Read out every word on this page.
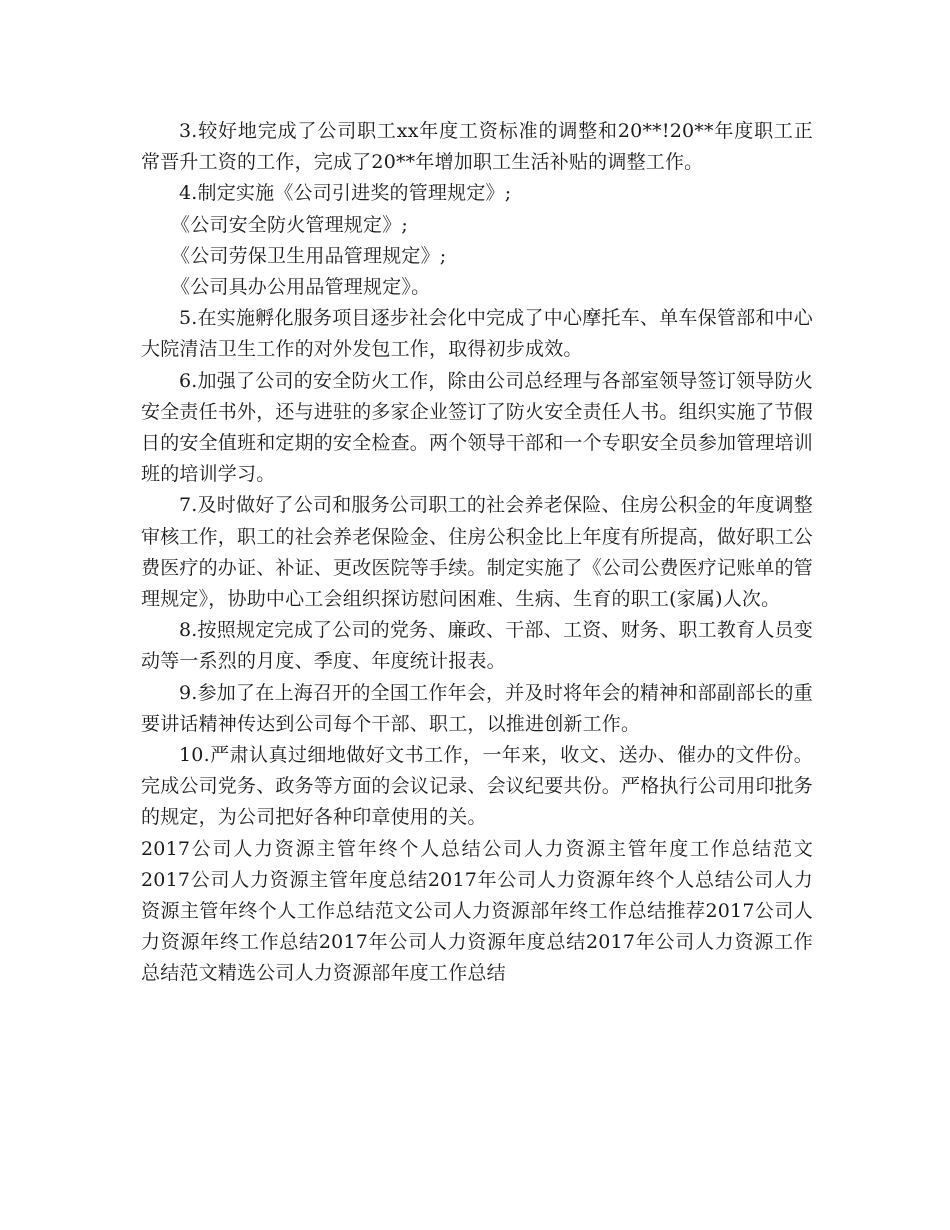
3.较好地完成了公司职工xx年度工资标准的调整和20**!20**年度职工正常晋升工资的工作，完成了20**年增加职工生活补贴的调整工作。

4.制定实施《公司引进奖的管理规定》;

《公司安全防火管理规定》;

《公司劳保卫生用品管理规定》;

《公司具办公用品管理规定》。

5.在实施孵化服务项目逐步社会化中完成了中心摩托车、单车保管部和中心大院清洁卫生工作的对外发包工作，取得初步成效。

6.加强了公司的安全防火工作，除由公司总经理与各部室领导签订领导防火安全责任书外，还与进驻的多家企业签订了防火安全责任人书。组织实施了节假日的安全值班和定期的安全检查。两个领导干部和一个专职安全员参加管理培训班的培训学习。

7.及时做好了公司和服务公司职工的社会养老保险、住房公积金的年度调整审核工作，职工的社会养老保险金、住房公积金比上年度有所提高，做好职工公费医疗的办证、补证、更改医院等手续。制定实施了《公司公费医疗记账单的管理规定》，协助中心工会组织探访慰问困难、生病、生育的职工(家属)人次。

8.按照规定完成了公司的党务、廉政、干部、工资、财务、职工教育人员变动等一系烈的月度、季度、年度统计报表。

9.参加了在上海召开的全国工作年会，并及时将年会的精神和部副部长的重要讲话精神传达到公司每个干部、职工，以推进创新工作。

10.严肃认真过细地做好文书工作，一年来，收文、送办、催办的文件份。完成公司党务、政务等方面的会议记录、会议纪要共份。严格执行公司用印批务的规定，为公司把好各种印章使用的关。

2017公司人力资源主管年终个人总结公司人力资源主管年度工作总结范文2017公司人力资源主管年度总结2017年公司人力资源年终个人总结公司人力资源主管年终个人工作总结范文公司人力资源部年终工作总结推荐2017公司人力资源年终工作总结2017年公司人力资源年度总结2017年公司人力资源工作总结范文精选公司人力资源部年度工作总结
